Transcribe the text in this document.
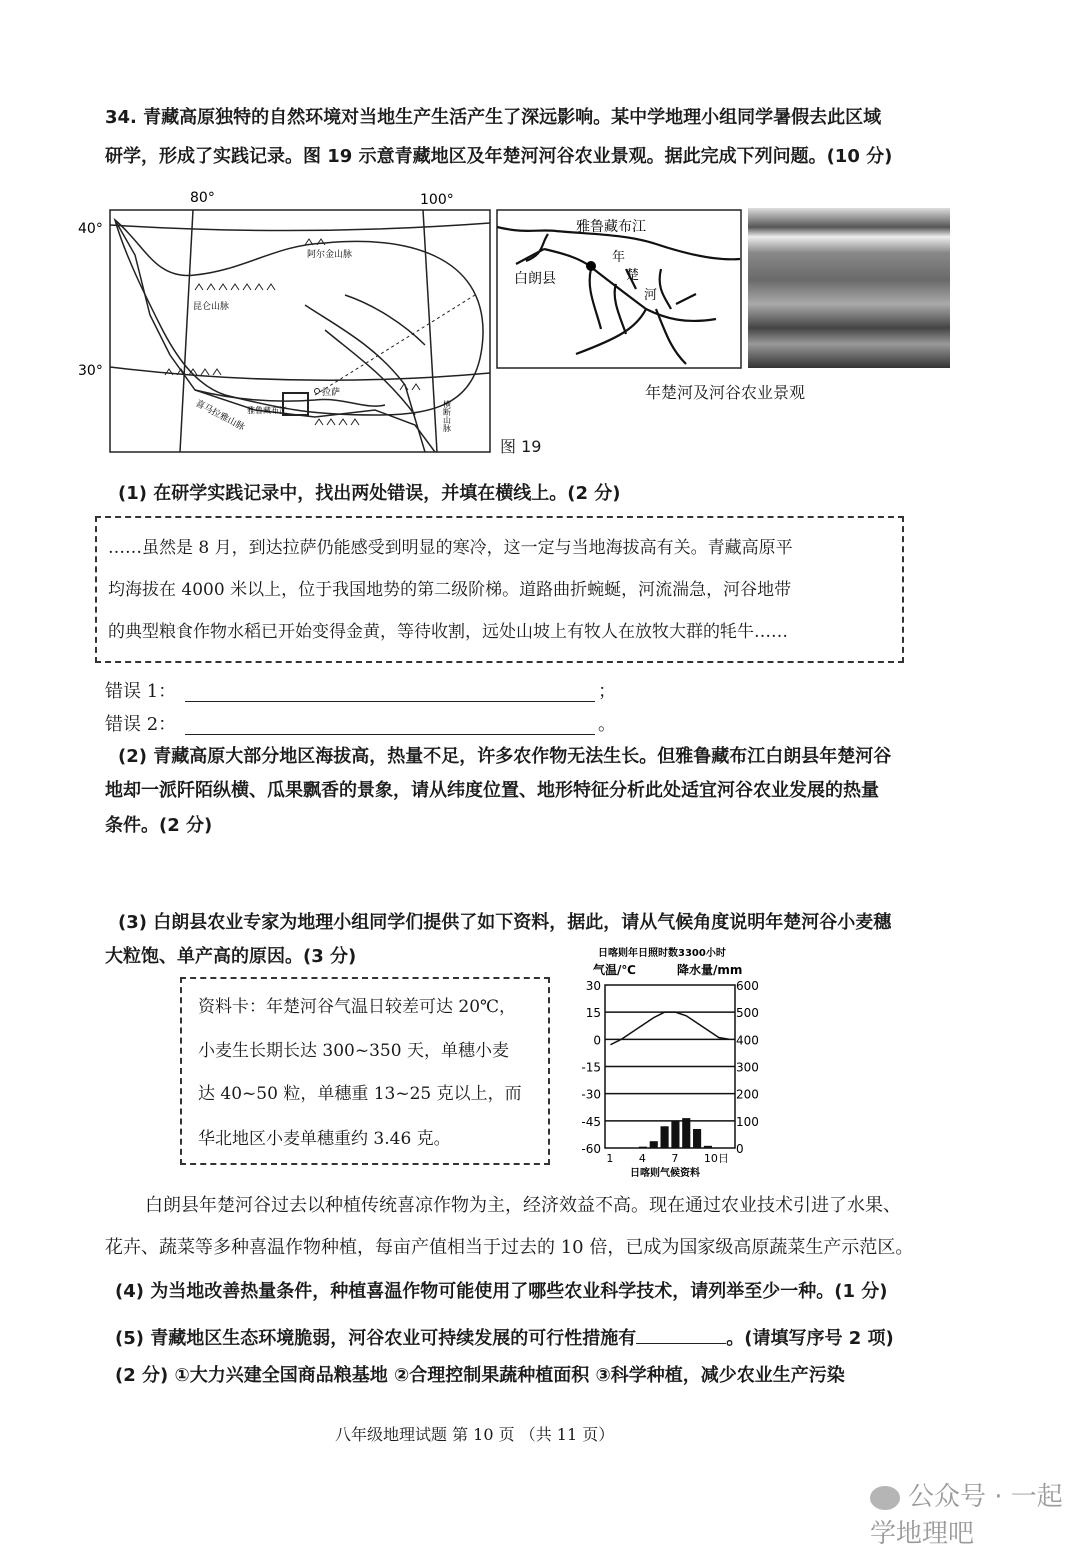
34. 青藏高原独特的自然环境对当地生产生活产生了深远影响。某中学地理小组同学暑假去此区域
研学，形成了实践记录。图 19 示意青藏地区及年楚河河谷农业景观。据此完成下列问题。(10 分)
80°	100°
40°
30°
阿尔金山脉
昆仑山脉
雅鲁藏布江
拉萨
喜马拉雅山脉	横断山脉
图 19
雅鲁藏布江
白朗县
年
楚
河
年楚河及河谷农业景观
(1) 在研学实践记录中，找出两处错误，并填在横线上。(2 分)
……虽然是 8 月，到达拉萨仍能感受到明显的寒冷，这一定与当地海拔高有关。青藏高原平
均海拔在 4000 米以上，位于我国地势的第二级阶梯。道路曲折蜿蜒，河流湍急，河谷地带
的典型粮食作物水稻已开始变得金黄，等待收割，远处山坡上有牧人在放牧大群的牦牛……
错误 1：	；
错误 2：	。
(2) 青藏高原大部分地区海拔高，热量不足，许多农作物无法生长。但雅鲁藏布江白朗县年楚河谷
地却一派阡陌纵横、瓜果飘香的景象，请从纬度位置、地形特征分析此处适宜河谷农业发展的热量
条件。(2 分)
(3) 白朗县农业专家为地理小组同学们提供了如下资料，据此，请从气候角度说明年楚河谷小麦穗
大粒饱、单产高的原因。(3 分)
资料卡：年楚河谷气温日较差可达 20℃，
小麦生长期长达 300~350 天，单穗小麦
达 40~50 粒，单穗重 13~25 克以上，而
华北地区小麦单穗重约 3.46 克。
日喀则年日照时数3300小时
气温/℃	降水量/mm
30	600
15	500
0	400
-15	300
-30	200
-45	100
-60	0
1 4 7 10日
日喀则气候资料
白朗县年楚河谷过去以种植传统喜凉作物为主，经济效益不高。现在通过农业技术引进了水果、
花卉、蔬菜等多种喜温作物种植，每亩产值相当于过去的 10 倍，已成为国家级高原蔬菜生产示范区。
(4) 为当地改善热量条件，种植喜温作物可能使用了哪些农业科学技术，请列举至少一种。(1 分)
(5) 青藏地区生态环境脆弱，河谷农业可持续发展的可行性措施有	。(请填写序号 2 项)
(2 分) ①大力兴建全国商品粮基地 ②合理控制果蔬种植面积 ③科学种植，减少农业生产污染
八年级地理试题 第 10 页 （共 11 页）
公众号 · 一起学地理吧
